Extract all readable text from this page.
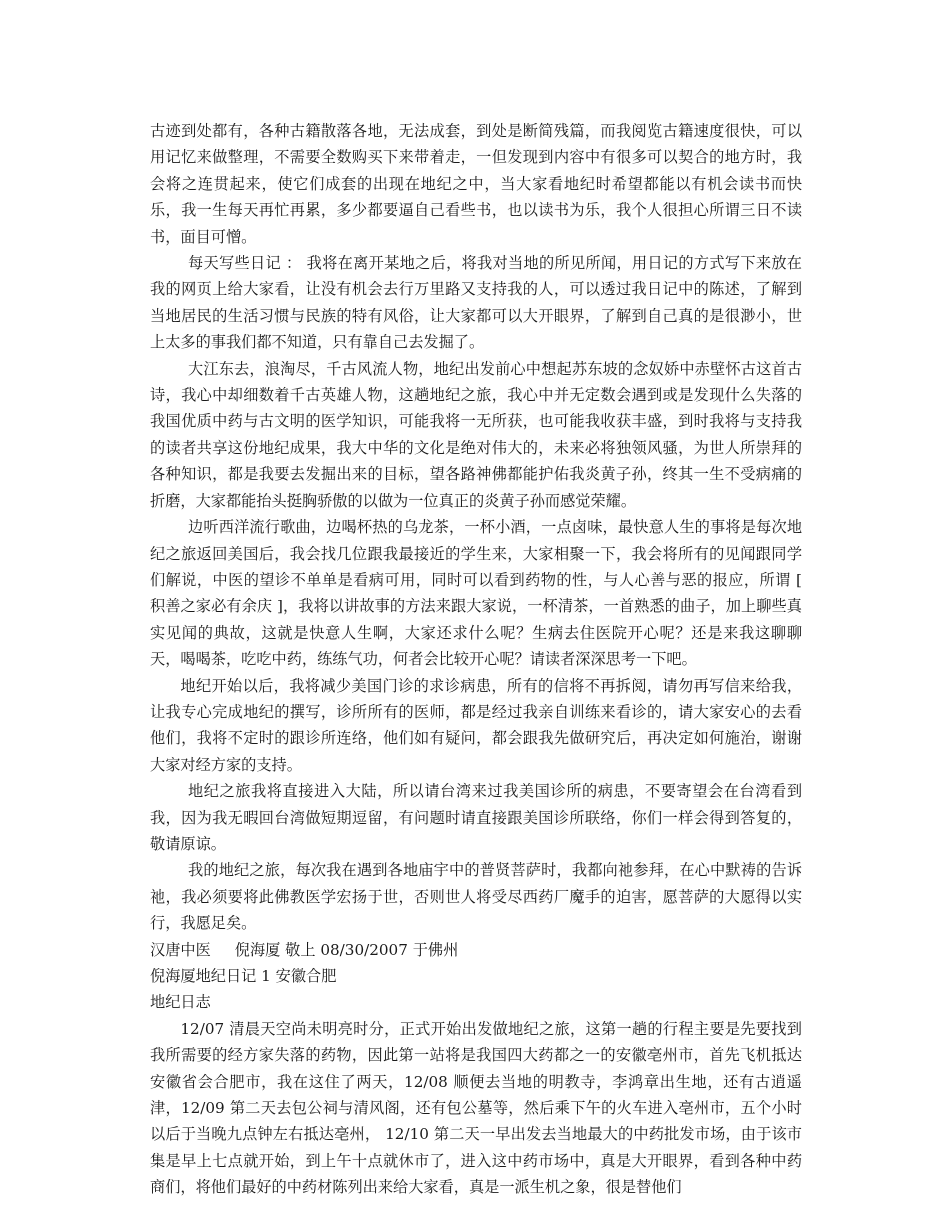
古迹到处都有，各种古籍散落各地，无法成套，到处是断简残篇，而我阅览古籍速度很快，可以用记忆来做整理，不需要全数购买下来带着走，一但发现到内容中有很多可以契合的地方时，我会将之连贯起来，使它们成套的出现在地纪之中，当大家看地纪时希望都能以有机会读书而快乐，我一生每天再忙再累，多少都要逼自己看些书，也以读书为乐，我个人很担心所谓三日不读书，面目可憎。

每天写些日记 ： 我将在离开某地之后，将我对当地的所见所闻，用日记的方式写下来放在我的网页上给大家看，让没有机会去行万里路又支持我的人，可以透过我日记中的陈述，了解到当地居民的生活习惯与民族的特有风俗，让大家都可以大开眼界，了解到自己真的是很渺小，世上太多的事我们都不知道，只有靠自己去发掘了。

大江东去，浪淘尽，千古风流人物，地纪出发前心中想起苏东坡的念奴娇中赤壁怀古这首古诗，我心中却细数着千古英雄人物，这趟地纪之旅，我心中并无定数会遇到或是发现什么失落的我国优质中药与古文明的医学知识，可能我将一无所获，也可能我收获丰盛，到时我将与支持我的读者共享这份地纪成果，我大中华的文化是绝对伟大的，未来必将独领风骚，为世人所崇拜的各种知识，都是我要去发掘出来的目标，望各路神佛都能护佑我炎黄子孙，终其一生不受病痛的折磨，大家都能抬头挺胸骄傲的以做为一位真正的炎黄子孙而感觉荣耀。

边听西洋流行歌曲，边喝杯热的乌龙茶，一杯小酒，一点卤味，最快意人生的事将是每次地纪之旅返回美国后，我会找几位跟我最接近的学生来，大家相聚一下，我会将所有的见闻跟同学们解说，中医的望诊不单单是看病可用，同时可以看到药物的性，与人心善与恶的报应，所谓 [ 积善之家必有余庆 ]，我将以讲故事的方法来跟大家说，一杯清茶，一首熟悉的曲子，加上聊些真实见闻的典故，这就是快意人生啊，大家还求什么呢？生病去住医院开心呢？还是来我这聊聊天，喝喝茶，吃吃中药，练练气功，何者会比较开心呢？请读者深深思考一下吧。

地纪开始以后，我将减少美国门诊的求诊病患，所有的信将不再拆阅，请勿再写信来给我，让我专心完成地纪的撰写，诊所所有的医师，都是经过我亲自训练来看诊的，请大家安心的去看他们，我将不定时的跟诊所连络，他们如有疑问，都会跟我先做研究后，再决定如何施治，谢谢大家对经方家的支持。

地纪之旅我将直接进入大陆，所以请台湾来过我美国诊所的病患，不要寄望会在台湾看到我，因为我无暇回台湾做短期逗留，有问题时请直接跟美国诊所联络，你们一样会得到答复的，敬请原谅。

我的地纪之旅，每次我在遇到各地庙宇中的普贤菩萨时，我都向祂参拜，在心中默祷的告诉祂，我必须要将此佛教医学宏扬于世，否则世人将受尽西药厂魔手的迫害，愿菩萨的大愿得以实行，我愿足矣。

汉唐中医 倪海厦 敬上 08/30/2007 于佛州

倪海厦地纪日记 1 安徽合肥

地纪日志

12/07 清晨天空尚未明亮时分，正式开始出发做地纪之旅，这第一趟的行程主要是先要找到我所需要的经方家失落的药物，因此第一站将是我国四大药都之一的安徽亳州市，首先飞机抵达安徽省会合肥市，我在这住了两天，12/08 顺便去当地的明教寺，李鸿章出生地，还有古逍遥津，12/09 第二天去包公祠与清风阁，还有包公墓等，然后乘下午的火车进入亳州市，五个小时以后于当晚九点钟左右抵达亳州， 12/10 第二天一早出发去当地最大的中药批发市场，由于该市集是早上七点就开始，到上午十点就休市了，进入这中药市场中，真是大开眼界，看到各种中药商们，将他们最好的中药材陈列出来给大家看，真是一派生机之象，很是替他们
